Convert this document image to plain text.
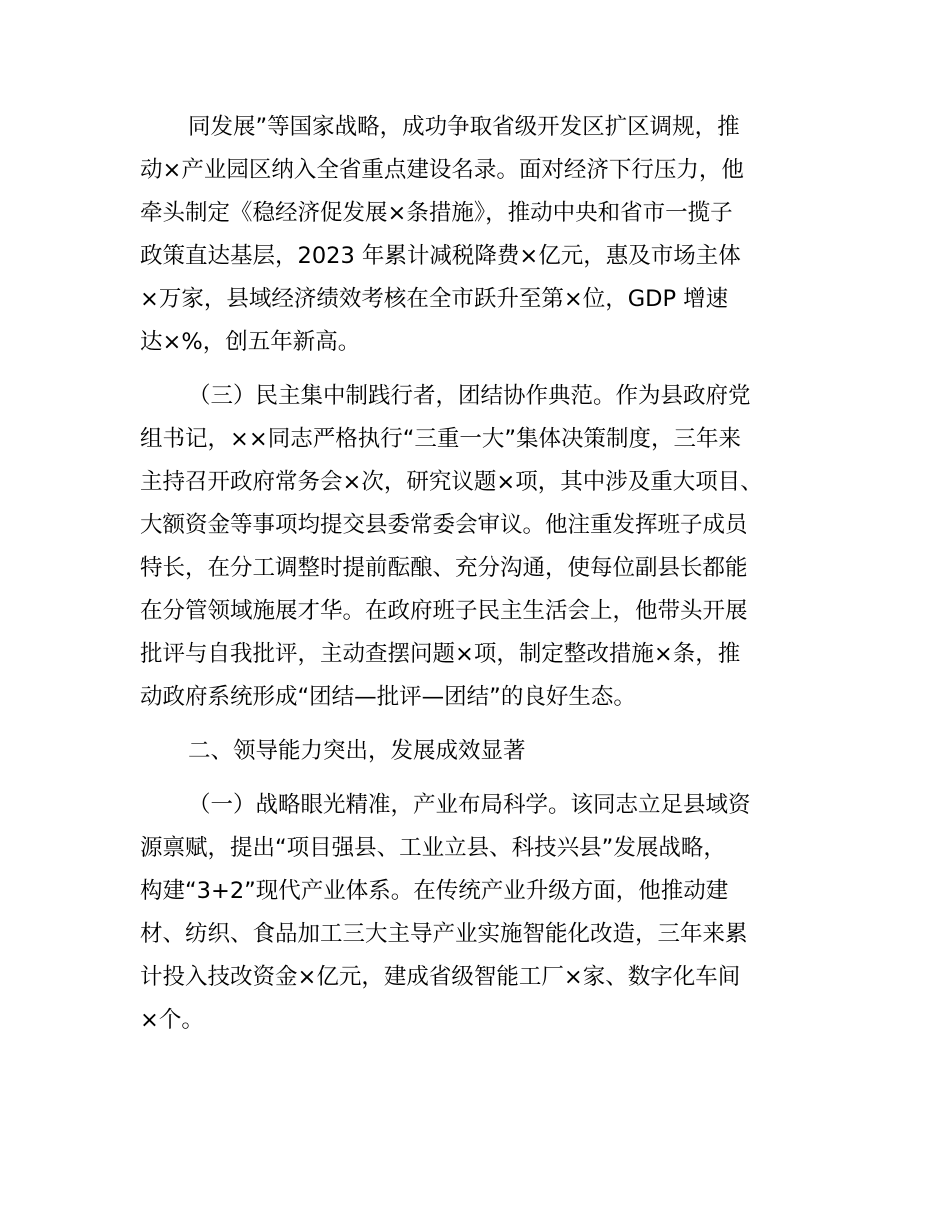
同发展”等国家战略，成功争取省级开发区扩区调规，推
动×产业园区纳入全省重点建设名录。面对经济下行压力，他
牵头制定《稳经济促发展×条措施》，推动中央和省市一揽子
政策直达基层，2023 年累计减税降费×亿元，惠及市场主体
×万家，县域经济绩效考核在全市跃升至第×位，GDP 增速
达×%，创五年新高。
（三）民主集中制践行者，团结协作典范。作为县政府党
组书记，××同志严格执行“三重一大”集体决策制度，三年来
主持召开政府常务会×次，研究议题×项，其中涉及重大项目、
大额资金等事项均提交县委常委会审议。他注重发挥班子成员
特长，在分工调整时提前酝酿、充分沟通，使每位副县长都能
在分管领域施展才华。在政府班子民主生活会上，他带头开展
批评与自我批评，主动查摆问题×项，制定整改措施×条，推
动政府系统形成“团结—批评—团结”的良好生态。
二、领导能力突出，发展成效显著
（一）战略眼光精准，产业布局科学。该同志立足县域资
源禀赋，提出“项目强县、工业立县、科技兴县”发展战略，
构建“3+2”现代产业体系。在传统产业升级方面，他推动建
材、纺织、食品加工三大主导产业实施智能化改造，三年来累
计投入技改资金×亿元，建成省级智能工厂×家、数字化车间
×个。
